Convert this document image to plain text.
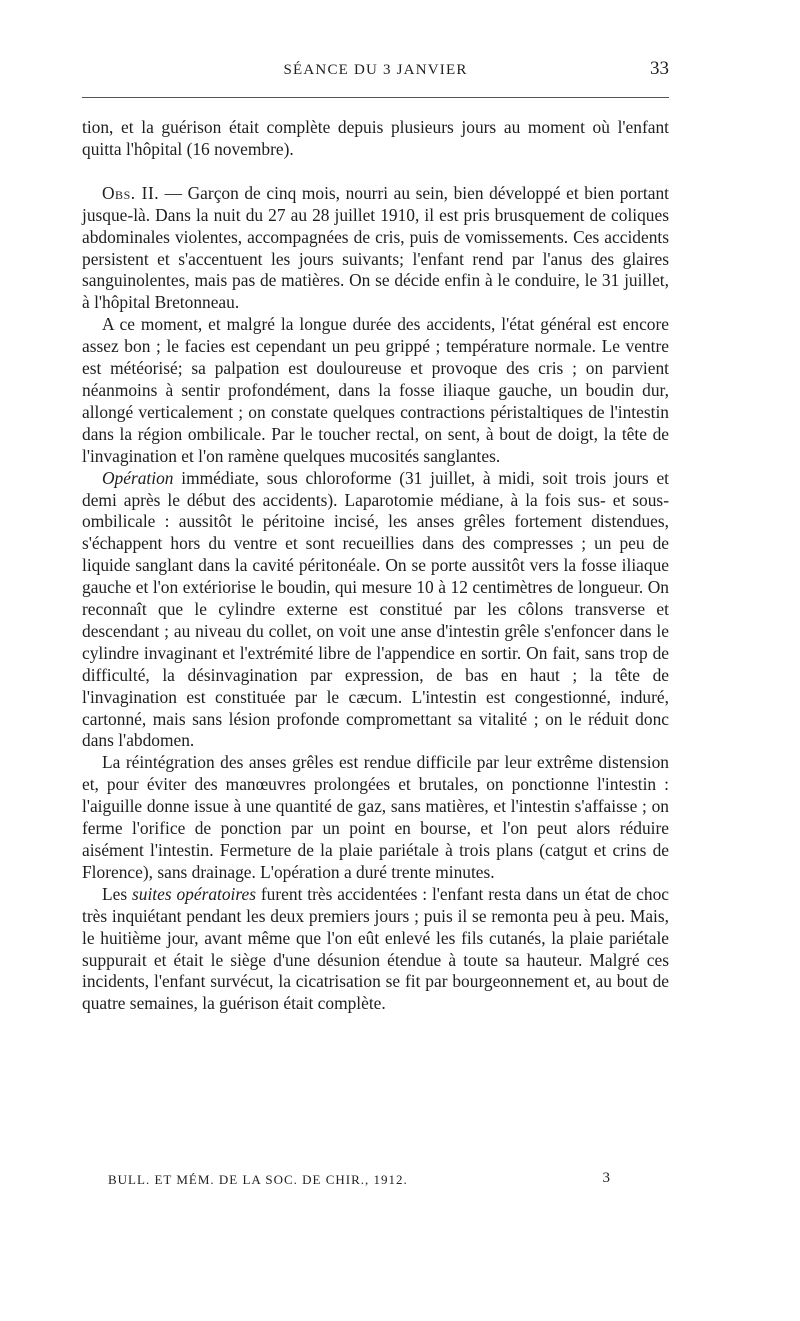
SÉANCE DU 3 JANVIER	33

tion, et la guérison était complète depuis plusieurs jours au moment où l'enfant quitta l'hôpital (16 novembre).

Obs. II. — Garçon de cinq mois, nourri au sein, bien développé et bien portant jusque-là. Dans la nuit du 27 au 28 juillet 1910, il est pris brusquement de coliques abdominales violentes, accompagnées de cris, puis de vomissements. Ces accidents persistent et s'accentuent les jours suivants; l'enfant rend par l'anus des glaires sanguinolentes, mais pas de matières. On se décide enfin à le conduire, le 31 juillet, à l'hôpital Bretonneau.

A ce moment, et malgré la longue durée des accidents, l'état général est encore assez bon ; le facies est cependant un peu grippé ; température normale. Le ventre est météorisé; sa palpation est douloureuse et provoque des cris ; on parvient néanmoins à sentir profondément, dans la fosse iliaque gauche, un boudin dur, allongé verticalement ; on constate quelques contractions péristaltiques de l'intestin dans la région ombilicale. Par le toucher rectal, on sent, à bout de doigt, la tête de l'invagination et l'on ramène quelques mucosités sanglantes.

Opération immédiate, sous chloroforme (31 juillet, à midi, soit trois jours et demi après le début des accidents). Laparotomie médiane, à la fois sus- et sous-ombilicale : aussitôt le péritoine incisé, les anses grêles fortement distendues, s'échappent hors du ventre et sont recueillies dans des compresses ; un peu de liquide sanglant dans la cavité péritonéale. On se porte aussitôt vers la fosse iliaque gauche et l'on extériorise le boudin, qui mesure 10 à 12 centimètres de longueur. On reconnaît que le cylindre externe est constitué par les côlons transverse et descendant ; au niveau du collet, on voit une anse d'intestin grêle s'enfoncer dans le cylindre invaginant et l'extrémité libre de l'appendice en sortir. On fait, sans trop de difficulté, la désinvagination par expression, de bas en haut ; la tête de l'invagination est constituée par le cæcum. L'intestin est congestionné, induré, cartonné, mais sans lésion profonde compromettant sa vitalité ; on le réduit donc dans l'abdomen.

La réintégration des anses grêles est rendue difficile par leur extrême distension et, pour éviter des manœuvres prolongées et brutales, on ponctionne l'intestin : l'aiguille donne issue à une quantité de gaz, sans matières, et l'intestin s'affaisse ; on ferme l'orifice de ponction par un point en bourse, et l'on peut alors réduire aisément l'intestin. Fermeture de la plaie pariétale à trois plans (catgut et crins de Florence), sans drainage. L'opération a duré trente minutes.

Les suites opératoires furent très accidentées : l'enfant resta dans un état de choc très inquiétant pendant les deux premiers jours ; puis il se remonta peu à peu. Mais, le huitième jour, avant même que l'on eût enlevé les fils cutanés, la plaie pariétale suppurait et était le siège d'une désunion étendue à toute sa hauteur. Malgré ces incidents, l'enfant survécut, la cicatrisation se fit par bourgeonnement et, au bout de quatre semaines, la guérison était complète.

BULL. ET MÉM. DE LA SOC. DE CHIR., 1912.	3
